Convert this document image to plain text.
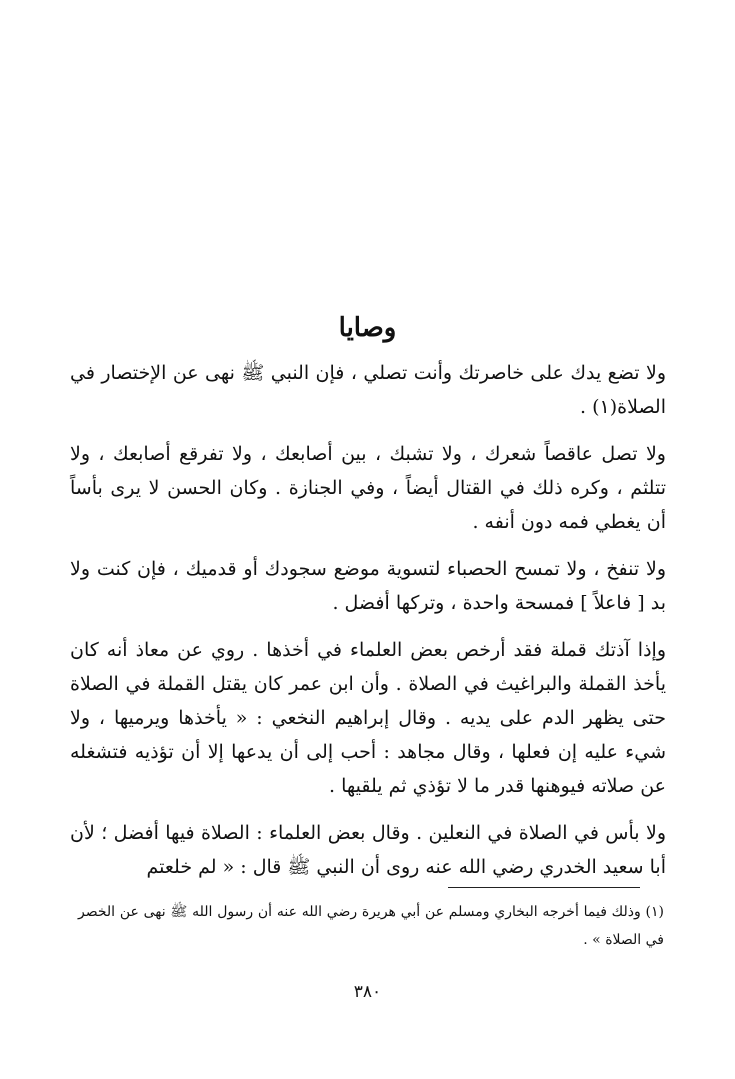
وصايا

ولا تضع يدك على خاصرتك وأنت تصلي ، فإن النبي ﷺ نهى عن الإختصار في الصلاة(١) .

ولا تصل عاقصاً شعرك ، ولا تشبك ، بين أصابعك ، ولا تفرقع أصابعك ، ولا تتلثم ، وكره ذلك في القتال أيضاً ، وفي الجنازة . وكان الحسن لا يرى بأساً أن يغطي فمه دون أنفه .

ولا تنفخ ، ولا تمسح الحصباء لتسوية موضع سجودك أو قدميك ، فإن كنت ولا بد [ فاعلاً ] فمسحة واحدة ، وتركها أفضل .

وإذا آذتك قملة فقد أرخص بعض العلماء في أخذها . روي عن معاذ أنه كان يأخذ القملة والبراغيث في الصلاة . وأن ابن عمر كان يقتل القملة في الصلاة حتى يظهر الدم على يديه . وقال إبراهيم النخعي : « يأخذها ويرميها ، ولا شيء عليه إن فعلها ، وقال مجاهد : أحب إلى أن يدعها إلا أن تؤذيه فتشغله عن صلاته فيوهنها قدر ما لا تؤذي ثم يلقيها .

ولا بأس في الصلاة في النعلين . وقال بعض العلماء : الصلاة فيها أفضل ؛ لأن أبا سعيد الخدري رضي الله عنه روى أن النبي ﷺ قال : « لم خلعتم

(١) وذلك فيما أخرجه البخاري ومسلم عن أبي هريرة رضي الله عنه أن رسول الله ﷺ نهى عن الخصر في الصلاة » .
٣٨٠
